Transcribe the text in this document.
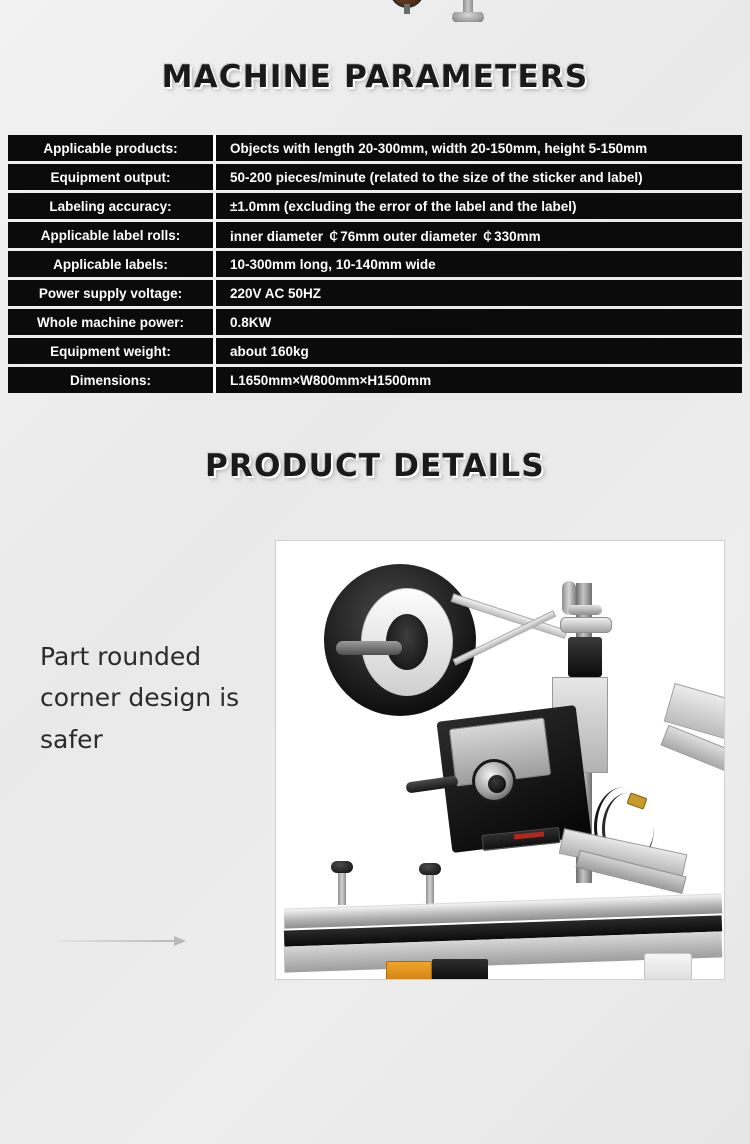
MACHINE PARAMETERS
Applicable products:	Objects with length 20-300mm, width 20-150mm, height 5-150mm
Equipment output:	50-200 pieces/minute (related to the size of the sticker and label)
Labeling accuracy:	±1.0mm (excluding the error of the label and the label)
Applicable label rolls:	inner diameter ￠76mm outer diameter ￠330mm
Applicable labels:	10-300mm long, 10-140mm wide
Power supply voltage:	220V AC 50HZ
Whole machine power:	0.8KW
Equipment weight:	about 160kg
Dimensions:	L1650mm×W800mm×H1500mm
PRODUCT DETAILS
Part rounded corner design is safer
